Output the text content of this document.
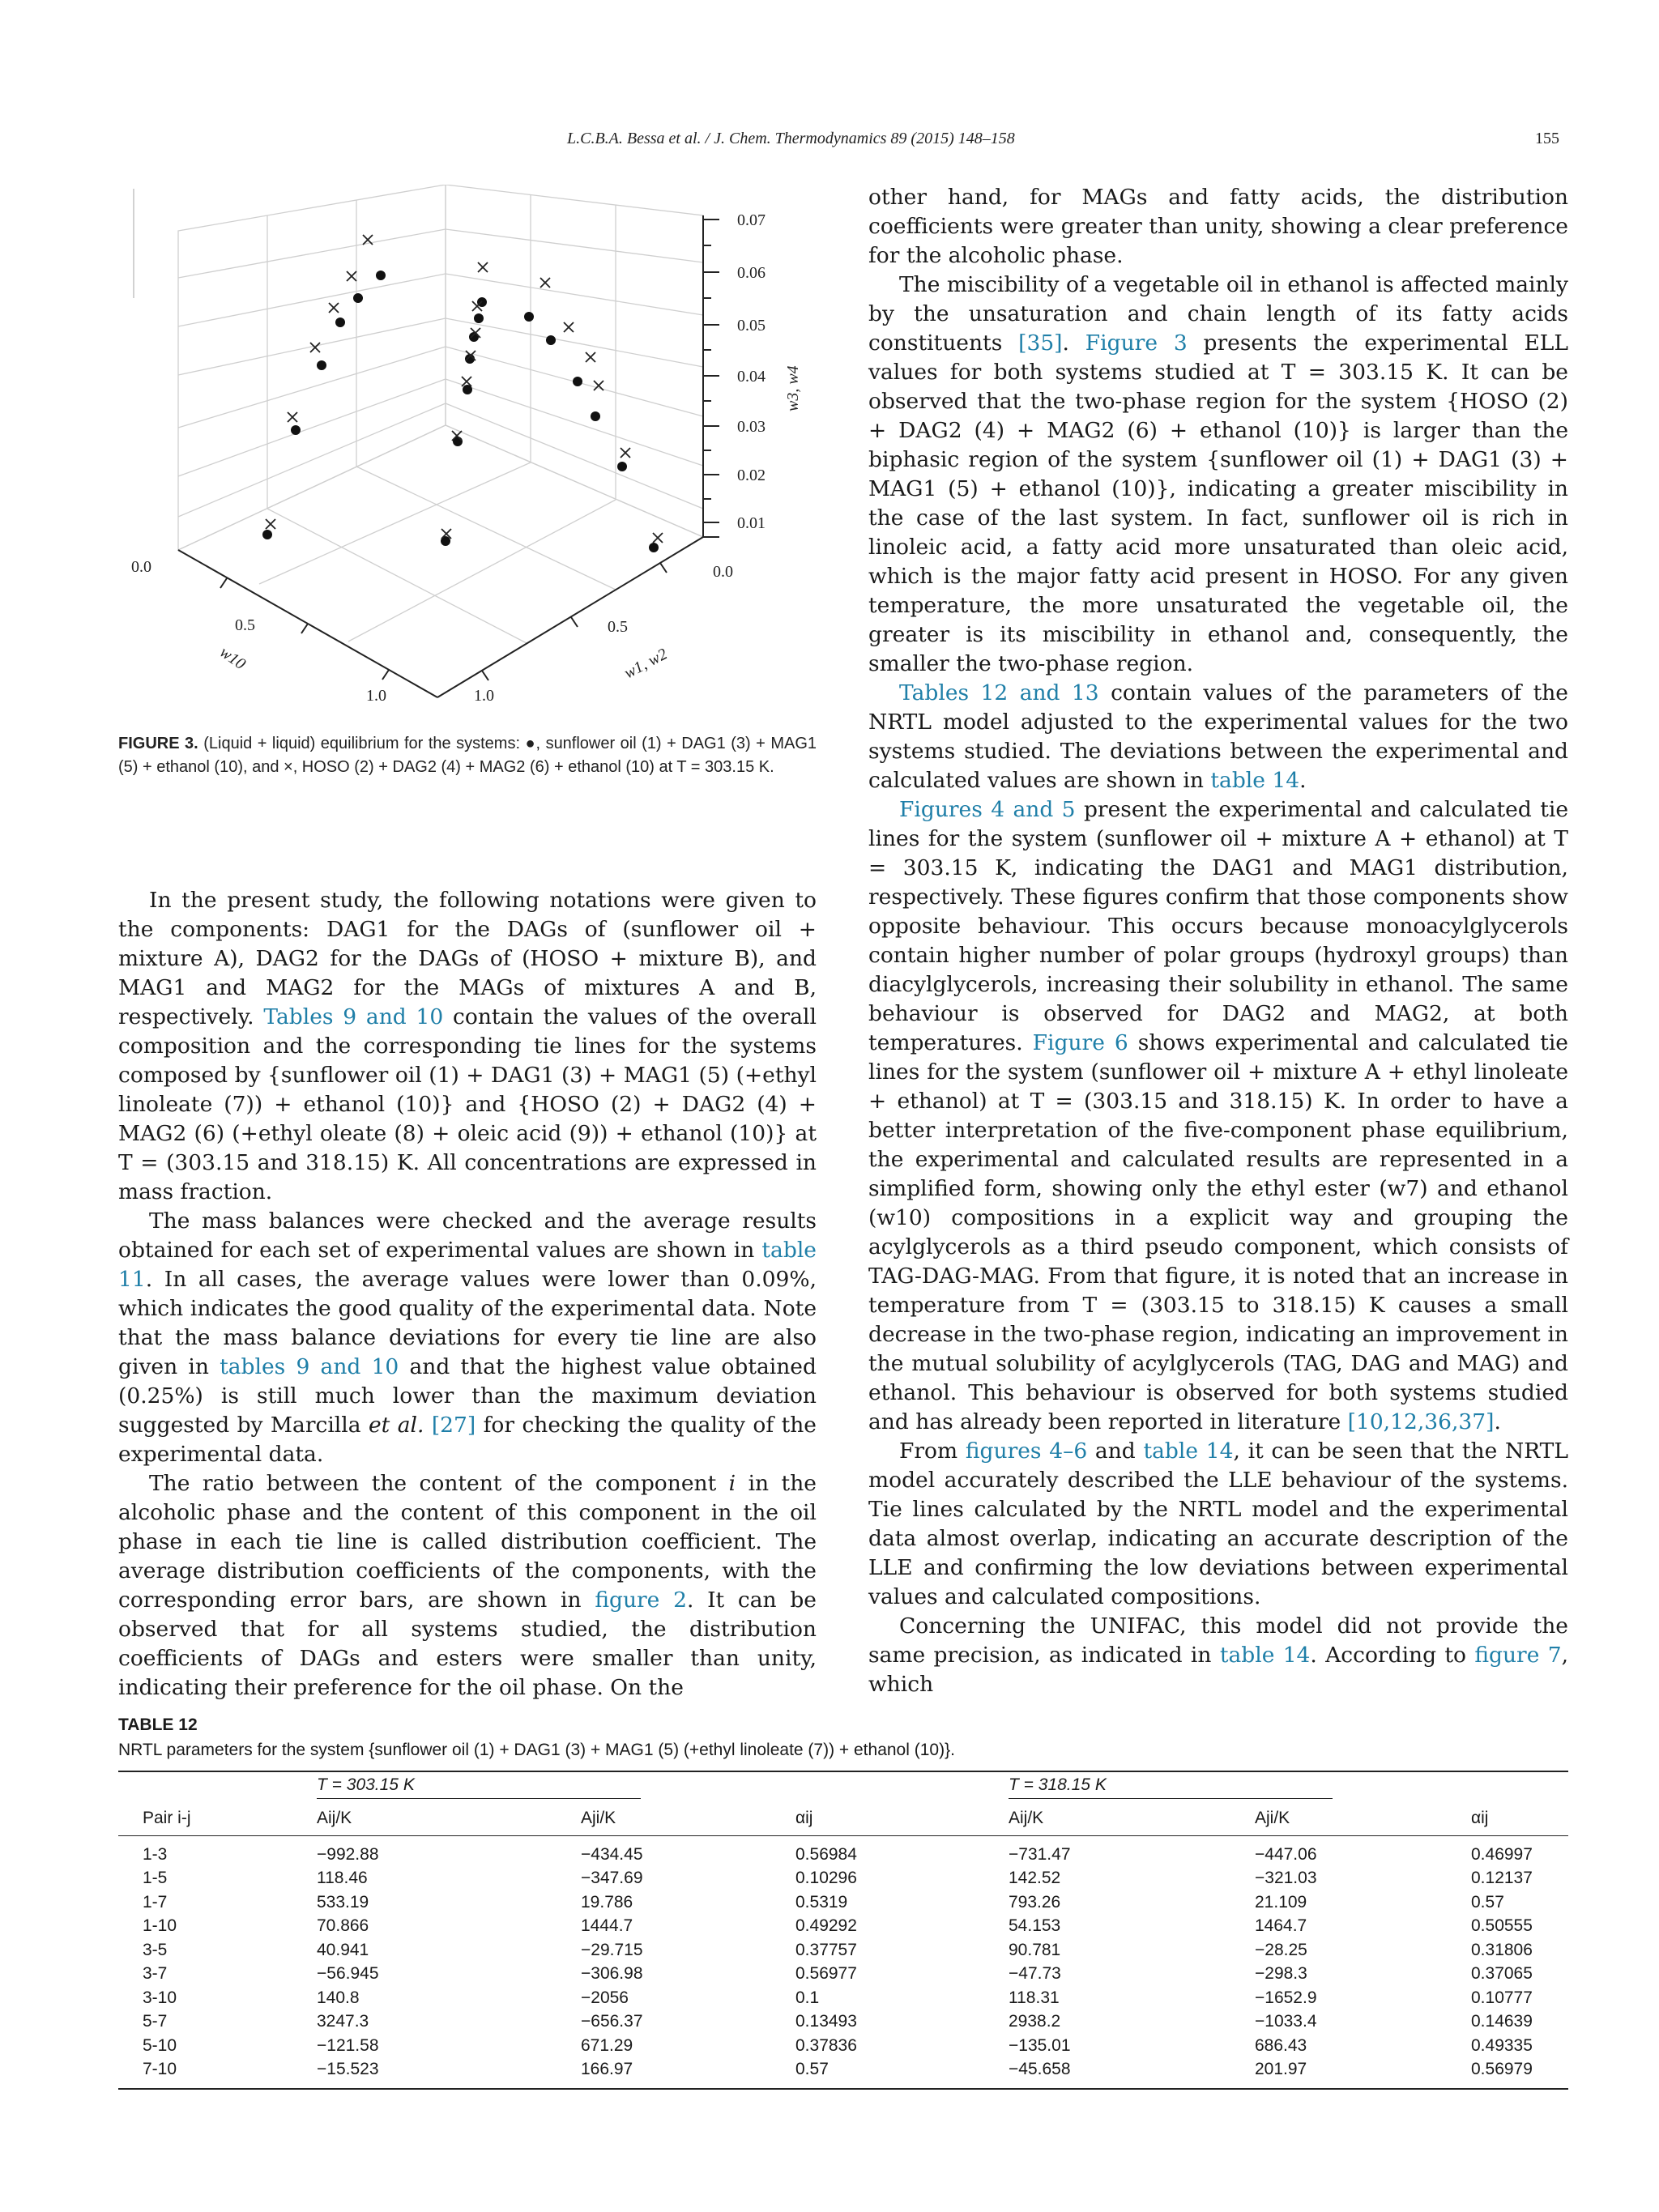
L.C.B.A. Bessa et al. / J. Chem. Thermodynamics 89 (2015) 148–158	155
0.07
0.06
0.05
0.04
0.03
0.02
0.01
0.0
w3, w4
0.0
0.5
1.0
w10
0.5
1.0
w1, w2
FIGURE 3. (Liquid + liquid) equilibrium for the systems: ●, sunflower oil (1) + DAG1 (3) + MAG1 (5) + ethanol (10), and ×, HOSO (2) + DAG2 (4) + MAG2 (6) + ethanol (10) at T = 303.15 K.

In the present study, the following notations were given to the components: DAG1 for the DAGs of (sunflower oil + mixture A), DAG2 for the DAGs of (HOSO + mixture B), and MAG1 and MAG2 for the MAGs of mixtures A and B, respectively. Tables 9 and 10 contain the values of the overall composition and the corresponding tie lines for the systems composed by {sunflower oil (1) + DAG1 (3) + MAG1 (5) (+ethyl linoleate (7)) + ethanol (10)} and {HOSO (2) + DAG2 (4) + MAG2 (6) (+ethyl oleate (8) + oleic acid (9)) + ethanol (10)} at T = (303.15 and 318.15) K. All concentrations are expressed in mass fraction.

The mass balances were checked and the average results obtained for each set of experimental values are shown in table 11. In all cases, the average values were lower than 0.09%, which indicates the good quality of the experimental data. Note that the mass balance deviations for every tie line are also given in tables 9 and 10 and that the highest value obtained (0.25%) is still much lower than the maximum deviation suggested by Marcilla et al. [27] for checking the quality of the experimental data.

The ratio between the content of the component i in the alcoholic phase and the content of this component in the oil phase in each tie line is called distribution coefficient. The average distribution coefficients of the components, with the corresponding error bars, are shown in figure 2. It can be observed that for all systems studied, the distribution coefficients of DAGs and esters were smaller than unity, indicating their preference for the oil phase. On the

other hand, for MAGs and fatty acids, the distribution coefficients were greater than unity, showing a clear preference for the alcoholic phase.

The miscibility of a vegetable oil in ethanol is affected mainly by the unsaturation and chain length of its fatty acids constituents [35]. Figure 3 presents the experimental ELL values for both systems studied at T = 303.15 K. It can be observed that the two-phase region for the system {HOSO (2) + DAG2 (4) + MAG2 (6) + ethanol (10)} is larger than the biphasic region of the system {sunflower oil (1) + DAG1 (3) + MAG1 (5) + ethanol (10)}, indicating a greater miscibility in the case of the last system. In fact, sunflower oil is rich in linoleic acid, a fatty acid more unsaturated than oleic acid, which is the major fatty acid present in HOSO. For any given temperature, the more unsaturated the vegetable oil, the greater is its miscibility in ethanol and, consequently, the smaller the two-phase region.

Tables 12 and 13 contain values of the parameters of the NRTL model adjusted to the experimental values for the two systems studied. The deviations between the experimental and calculated values are shown in table 14.

Figures 4 and 5 present the experimental and calculated tie lines for the system (sunflower oil + mixture A + ethanol) at T = 303.15 K, indicating the DAG1 and MAG1 distribution, respectively. These figures confirm that those components show opposite behaviour. This occurs because monoacylglycerols contain higher number of polar groups (hydroxyl groups) than diacylglycerols, increasing their solubility in ethanol. The same behaviour is observed for DAG2 and MAG2, at both temperatures. Figure 6 shows experimental and calculated tie lines for the system (sunflower oil + mixture A + ethyl linoleate + ethanol) at T = (303.15 and 318.15) K. In order to have a better interpretation of the five-component phase equilibrium, the experimental and calculated results are represented in a simplified form, showing only the ethyl ester (w7) and ethanol (w10) compositions in a explicit way and grouping the acylglycerols as a third pseudo component, which consists of TAG-DAG-MAG. From that figure, it is noted that an increase in temperature from T = (303.15 to 318.15) K causes a small decrease in the two-phase region, indicating an improvement in the mutual solubility of acylglycerols (TAG, DAG and MAG) and ethanol. This behaviour is observed for both systems studied and has already been reported in literature [10,12,36,37].

From figures 4–6 and table 14, it can be seen that the NRTL model accurately described the LLE behaviour of the systems. Tie lines calculated by the NRTL model and the experimental data almost overlap, indicating an accurate description of the LLE and confirming the low deviations between experimental values and calculated compositions.

Concerning the UNIFAC, this model did not provide the same precision, as indicated in table 14. According to figure 7, which

TABLE 12
NRTL parameters for the system {sunflower oil (1) + DAG1 (3) + MAG1 (5) (+ethyl linoleate (7)) + ethanol (10)}.

	T = 303.15 K			T = 318.15 K		

Pair i-j	Aij/K	Aji/K	αij	Aij/K	Aji/K	αij
1-3	−992.88	−434.45	0.56984	−731.47	−447.06	0.46997
1-5	118.46	−347.69	0.10296	142.52	−321.03	0.12137
1-7	533.19	19.786	0.5319	793.26	21.109	0.57
1-10	70.866	1444.7	0.49292	54.153	1464.7	0.50555
3-5	40.941	−29.715	0.37757	90.781	−28.25	0.31806
3-7	−56.945	−306.98	0.56977	−47.73	−298.3	0.37065
3-10	140.8	−2056	0.1	118.31	−1652.9	0.10777
5-7	3247.3	−656.37	0.13493	2938.2	−1033.4	0.14639
5-10	−121.58	671.29	0.37836	−135.01	686.43	0.49335
7-10	−15.523	166.97	0.57	−45.658	201.97	0.56979
